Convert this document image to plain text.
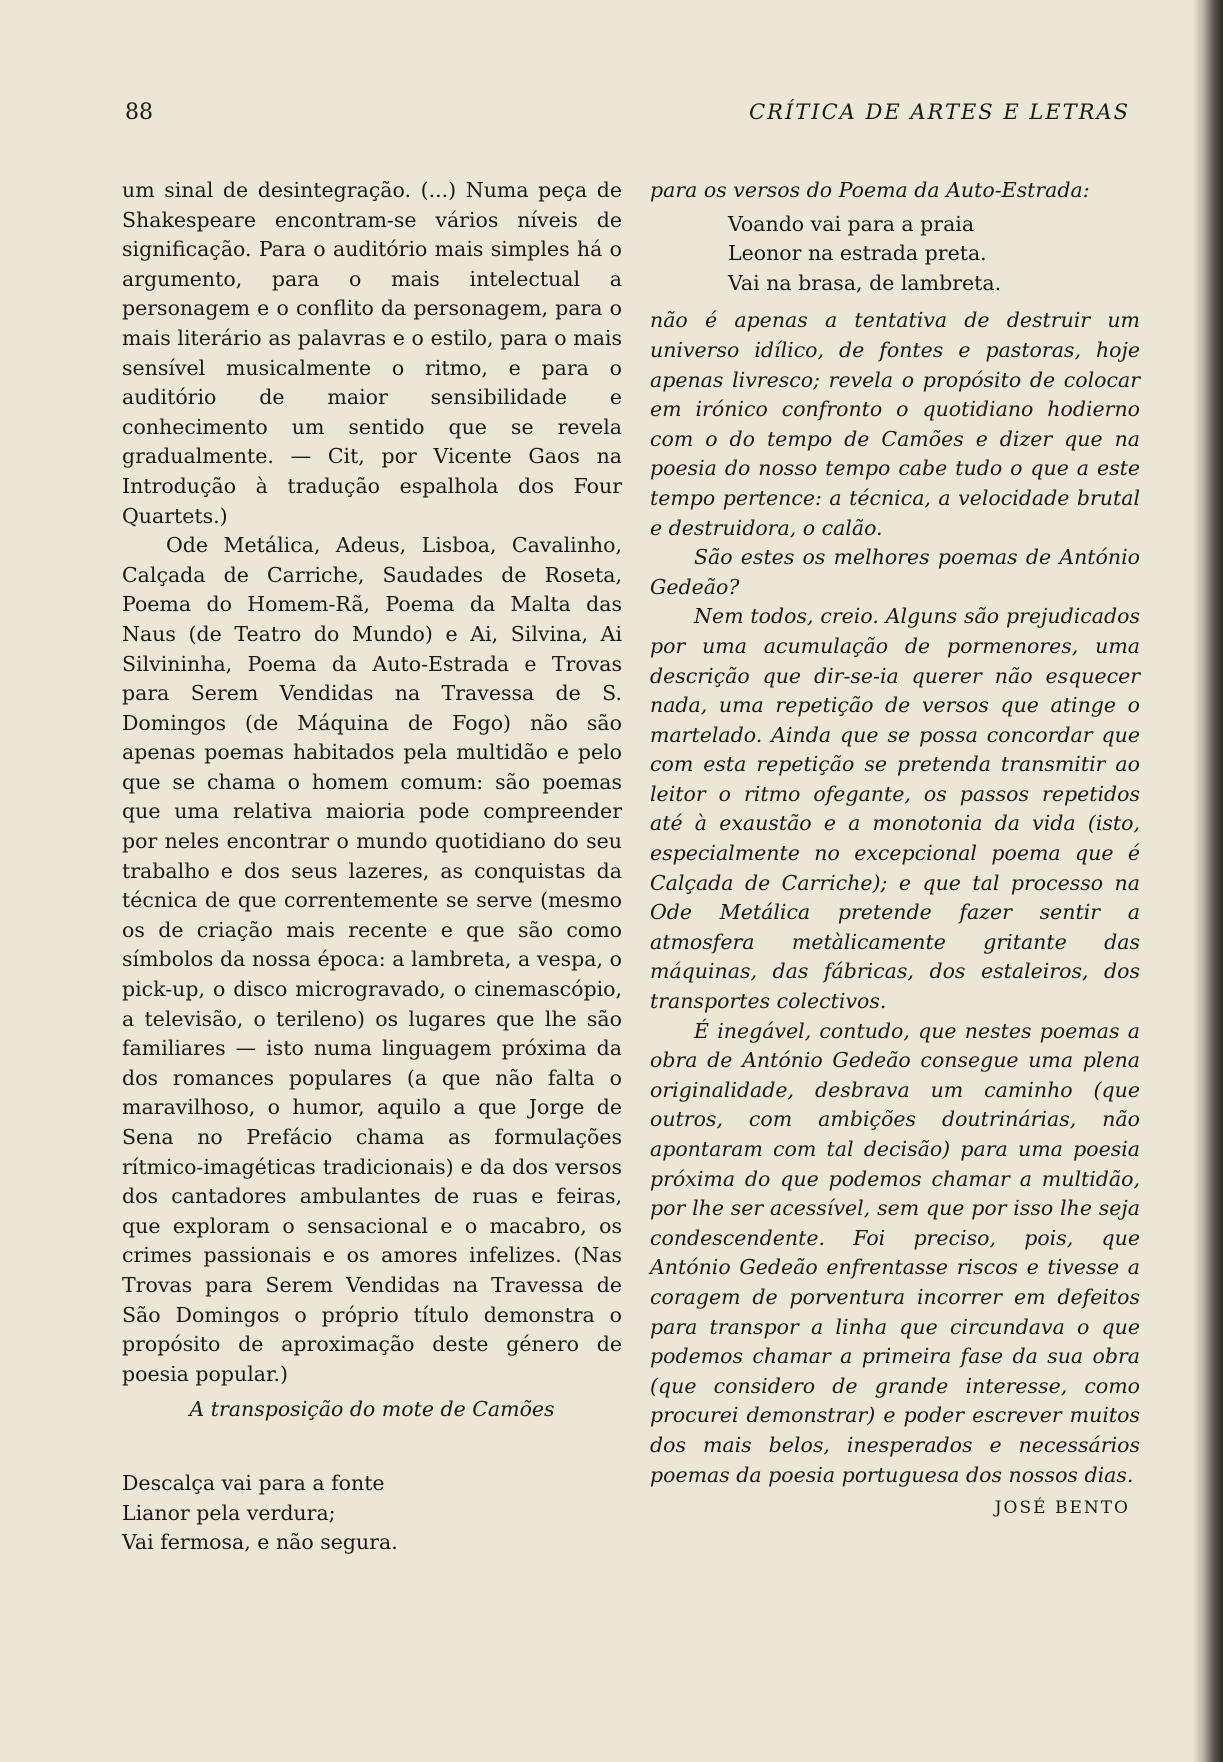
88	CRÍTICA DE ARTES E LETRAS

um sinal de desintegração. (...) Numa peça de Shakespeare encontram-se vários níveis de significação. Para o auditório mais simples há o argumento, para o mais intelectual a personagem e o conflito da personagem, para o mais literário as palavras e o estilo, para o mais sensível musicalmente o ritmo, e para o auditório de maior sensibilidade e conhecimento um sentido que se revela gradualmente. — Cit, por Vicente Gaos na Introdução à tradução espalhola dos Four Quartets.)

Ode Metálica, Adeus, Lisboa, Cavalinho, Calçada de Carriche, Saudades de Roseta, Poema do Homem-Rã, Poema da Malta das Naus (de Teatro do Mundo) e Ai, Silvina, Ai Silvininha, Poema da Auto-Estrada e Trovas para Serem Vendidas na Travessa de S. Domingos (de Máquina de Fogo) não são apenas poemas habitados pela multidão e pelo que se chama o homem comum: são poemas que uma relativa maioria pode compreender por neles encontrar o mundo quotidiano do seu trabalho e dos seus lazeres, as conquistas da técnica de que correntemente se serve (mesmo os de criação mais recente e que são como símbolos da nossa época: a lambreta, a vespa, o pick-up, o disco microgravado, o cinemascópio, a televisão, o terileno) os lugares que lhe são familiares — isto numa linguagem próxima da dos romances populares (a que não falta o maravilhoso, o humor, aquilo a que Jorge de Sena no Prefácio chama as formulações rítmico-imagéticas tradicionais) e da dos versos dos cantadores ambulantes de ruas e feiras, que exploram o sensacional e o macabro, os crimes passionais e os amores infelizes. (Nas Trovas para Serem Vendidas na Travessa de São Domingos o próprio título demonstra o propósito de aproximação deste género de poesia popular.)

A transposição do mote de Camões

Descalça vai para a fonte
Lianor pela verdura;
Vai fermosa, e não segura.

para os versos do Poema da Auto-Estrada:

Voando vai para a praia
Leonor na estrada preta.
Vai na brasa, de lambreta.

não é apenas a tentativa de destruir um universo idílico, de fontes e pastoras, hoje apenas livresco; revela o propósito de colocar em irónico confronto o quotidiano hodierno com o do tempo de Camões e dizer que na poesia do nosso tempo cabe tudo o que a este tempo pertence: a técnica, a velocidade brutal e destruidora, o calão.

São estes os melhores poemas de António Gedeão?

Nem todos, creio. Alguns são prejudicados por uma acumulação de pormenores, uma descrição que dir-se-ia querer não esquecer nada, uma repetição de versos que atinge o martelado. Ainda que se possa concordar que com esta repetição se pretenda transmitir ao leitor o ritmo ofegante, os passos repetidos até à exaustão e a monotonia da vida (isto, especialmente no excepcional poema que é Calçada de Carriche); e que tal processo na Ode Metálica pretende fazer sentir a atmosfera metàlicamente gritante das máquinas, das fábricas, dos estaleiros, dos transportes colectivos.

É inegável, contudo, que nestes poemas a obra de António Gedeão consegue uma plena originalidade, desbrava um caminho (que outros, com ambições doutrinárias, não apontaram com tal decisão) para uma poesia próxima do que podemos chamar a multidão, por lhe ser acessível, sem que por isso lhe seja condescendente. Foi preciso, pois, que António Gedeão enfrentasse riscos e tivesse a coragem de porventura incorrer em defeitos para transpor a linha que circundava o que podemos chamar a primeira fase da sua obra (que considero de grande interesse, como procurei demonstrar) e poder escrever muitos dos mais belos, inesperados e necessários poemas da poesia portuguesa dos nossos dias.

JOSÉ BENTO
